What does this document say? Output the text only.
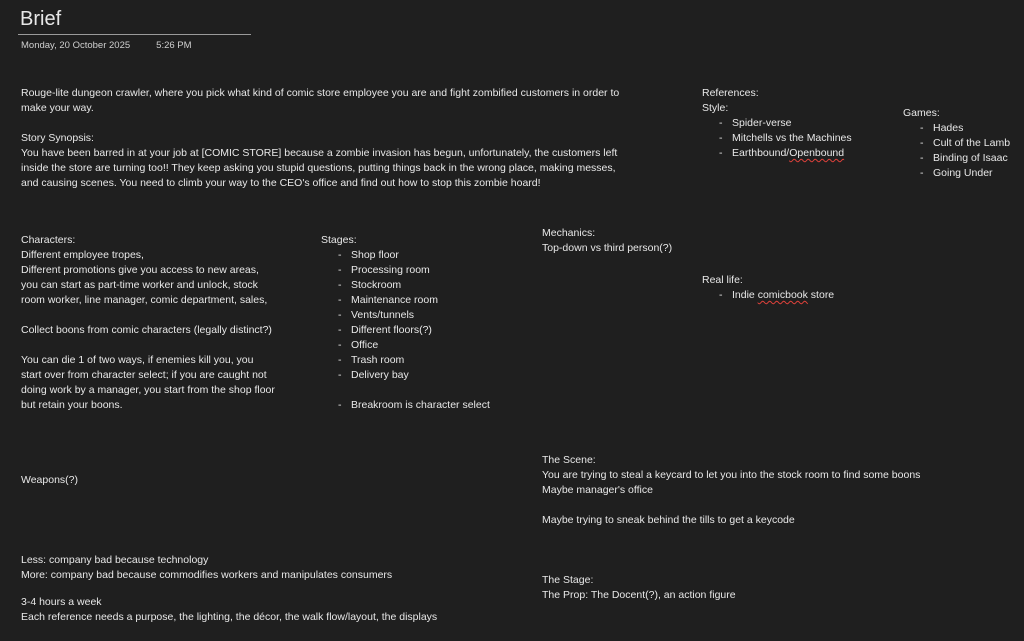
Brief
Monday, 20 October 2025	5:26 PM

Rouge-lite dungeon crawler, where you pick what kind of comic store employee you are and fight zombified customers in order to make your way.

Story Synopsis:

You have been barred in at your job at [COMIC STORE] because a zombie invasion has begun, unfortunately, the customers left inside the store are turning too!! They keep asking you stupid questions, putting things back in the wrong place, making messes, and causing scenes. You need to climb your way to the CEO's office and find out how to stop this zombie hoard!

Characters:

Different employee tropes,

Different promotions give you access to new areas, you can start as part-time worker and unlock, stock room worker, line manager, comic department, sales,

Collect boons from comic characters (legally distinct?)

You can die 1 of two ways, if enemies kill you, you start over from character select; if you are caught not doing work by a manager, you start from the shop floor but retain your boons.

Weapons(?)

Stages:

- Shop floor
- Processing room
- Stockroom
- Maintenance room
- Vents/tunnels
- Different floors(?)
- Office
- Trash room
- Delivery bay
- Breakroom is character select

Mechanics:

Top-down vs third person(?)

References:

Style:

- Spider-verse
- Mitchells vs the Machines
- Earthbound/Openbound

Games:

- Hades
- Cult of the Lamb
- Binding of Isaac
- Going Under

Real life:

- Indie comicbook store

The Scene:

You are trying to steal a keycard to let you into the stock room to find some boons

Maybe manager's office

Maybe trying to sneak behind the tills to get a keycode

The Stage:

The Prop: The Docent(?), an action figure

Less: company bad because technology

More: company bad because commodifies workers and manipulates consumers

3-4 hours a week

Each reference needs a purpose, the lighting, the décor, the walk flow/layout, the displays
